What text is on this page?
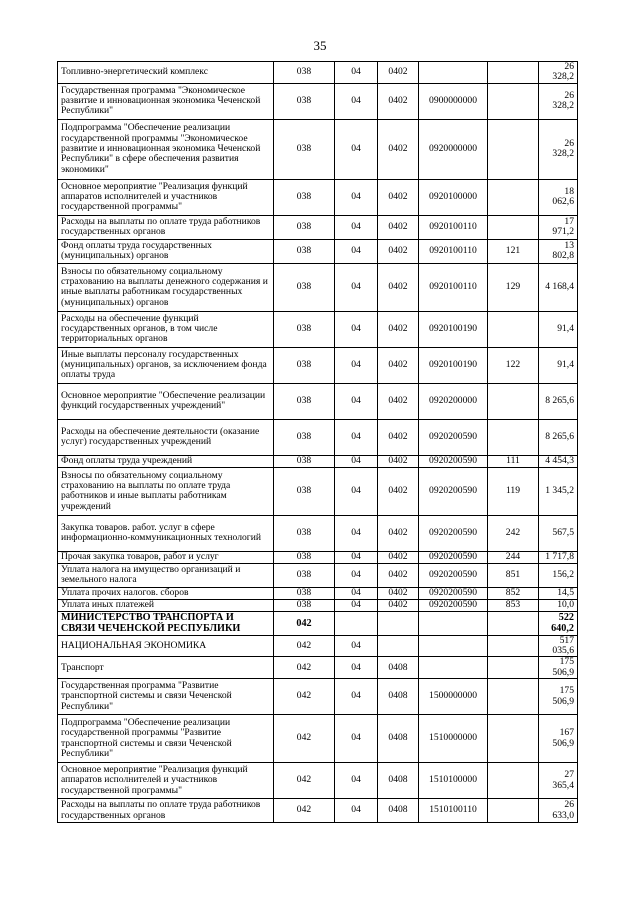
35
Топливно-энергетический комплекс	038	04	0402			26 328,2
Государственная программа "Экономическое развитие и инновационная экономика Чеченской Республики"	038	04	0402	0900000000		26 328,2
Подпрограмма "Обеспечение реализации государственной программы "Экономическое развитие и инновационная экономика Чеченской Республики" в сфере обеспечения развития экономики"	038	04	0402	0920000000		26 328,2
Основное мероприятие "Реализация функций аппаратов исполнителей и участников государственной программы"	038	04	0402	0920100000		18 062,6
Расходы на выплаты по оплате труда работников государственных органов	038	04	0402	0920100110		17 971,2
Фонд оплаты труда государственных (муниципальных) органов	038	04	0402	0920100110	121	13 802,8
Взносы по обязательному социальному страхованию на выплаты денежного содержания и иные выплаты работникам государственных (муниципальных) органов	038	04	0402	0920100110	129	4 168,4
Расходы на обеспечение функций государственных органов, в том числе территориальных органов	038	04	0402	0920100190		91,4
Иные выплаты персоналу государственных (муниципальных) органов, за исключением фонда оплаты труда	038	04	0402	0920100190	122	91,4
Основное мероприятие "Обеспечение реализации функций государственных учреждений"	038	04	0402	0920200000		8 265,6
Расходы на обеспечение деятельности (оказание услуг) государственных учреждений	038	04	0402	0920200590		8 265,6
Фонд оплаты труда учреждений	038	04	0402	0920200590	111	4 454,3
Взносы по обязательному социальному страхованию на выплаты по оплате труда работников и иные выплаты работникам учреждений	038	04	0402	0920200590	119	1 345,2
Закупка товаров. работ. услуг в сфере информационно-коммуникационных технологий	038	04	0402	0920200590	242	567,5
Прочая закупка товаров, работ и услуг	038	04	0402	0920200590	244	1 717,8
Уплата налога на имущество организаций и земельного налога	038	04	0402	0920200590	851	156,2
Уплата прочих налогов. сборов	038	04	0402	0920200590	852	14,5
Уплата иных платежей	038	04	0402	0920200590	853	10,0
МИНИСТЕРСТВО ТРАНСПОРТА И СВЯЗИ ЧЕЧЕНСКОЙ РЕСПУБЛИКИ	042					522 640,2
НАЦИОНАЛЬНАЯ ЭКОНОМИКА	042	04				517 035,6
Транспорт	042	04	0408			175 506,9
Государственная программа "Развитие транспортной системы и связи Чеченской Республики"	042	04	0408	1500000000		175 506,9
Подпрограмма "Обеспечение реализации государственной программы "Развитие транспортной системы и связи Чеченской Республики"	042	04	0408	1510000000		167 506,9
Основное мероприятие "Реализация функций аппаратов исполнителей и участников государственной программы"	042	04	0408	1510100000		27 365,4
Расходы на выплаты по оплате труда работников государственных органов	042	04	0408	1510100110		26 633,0
